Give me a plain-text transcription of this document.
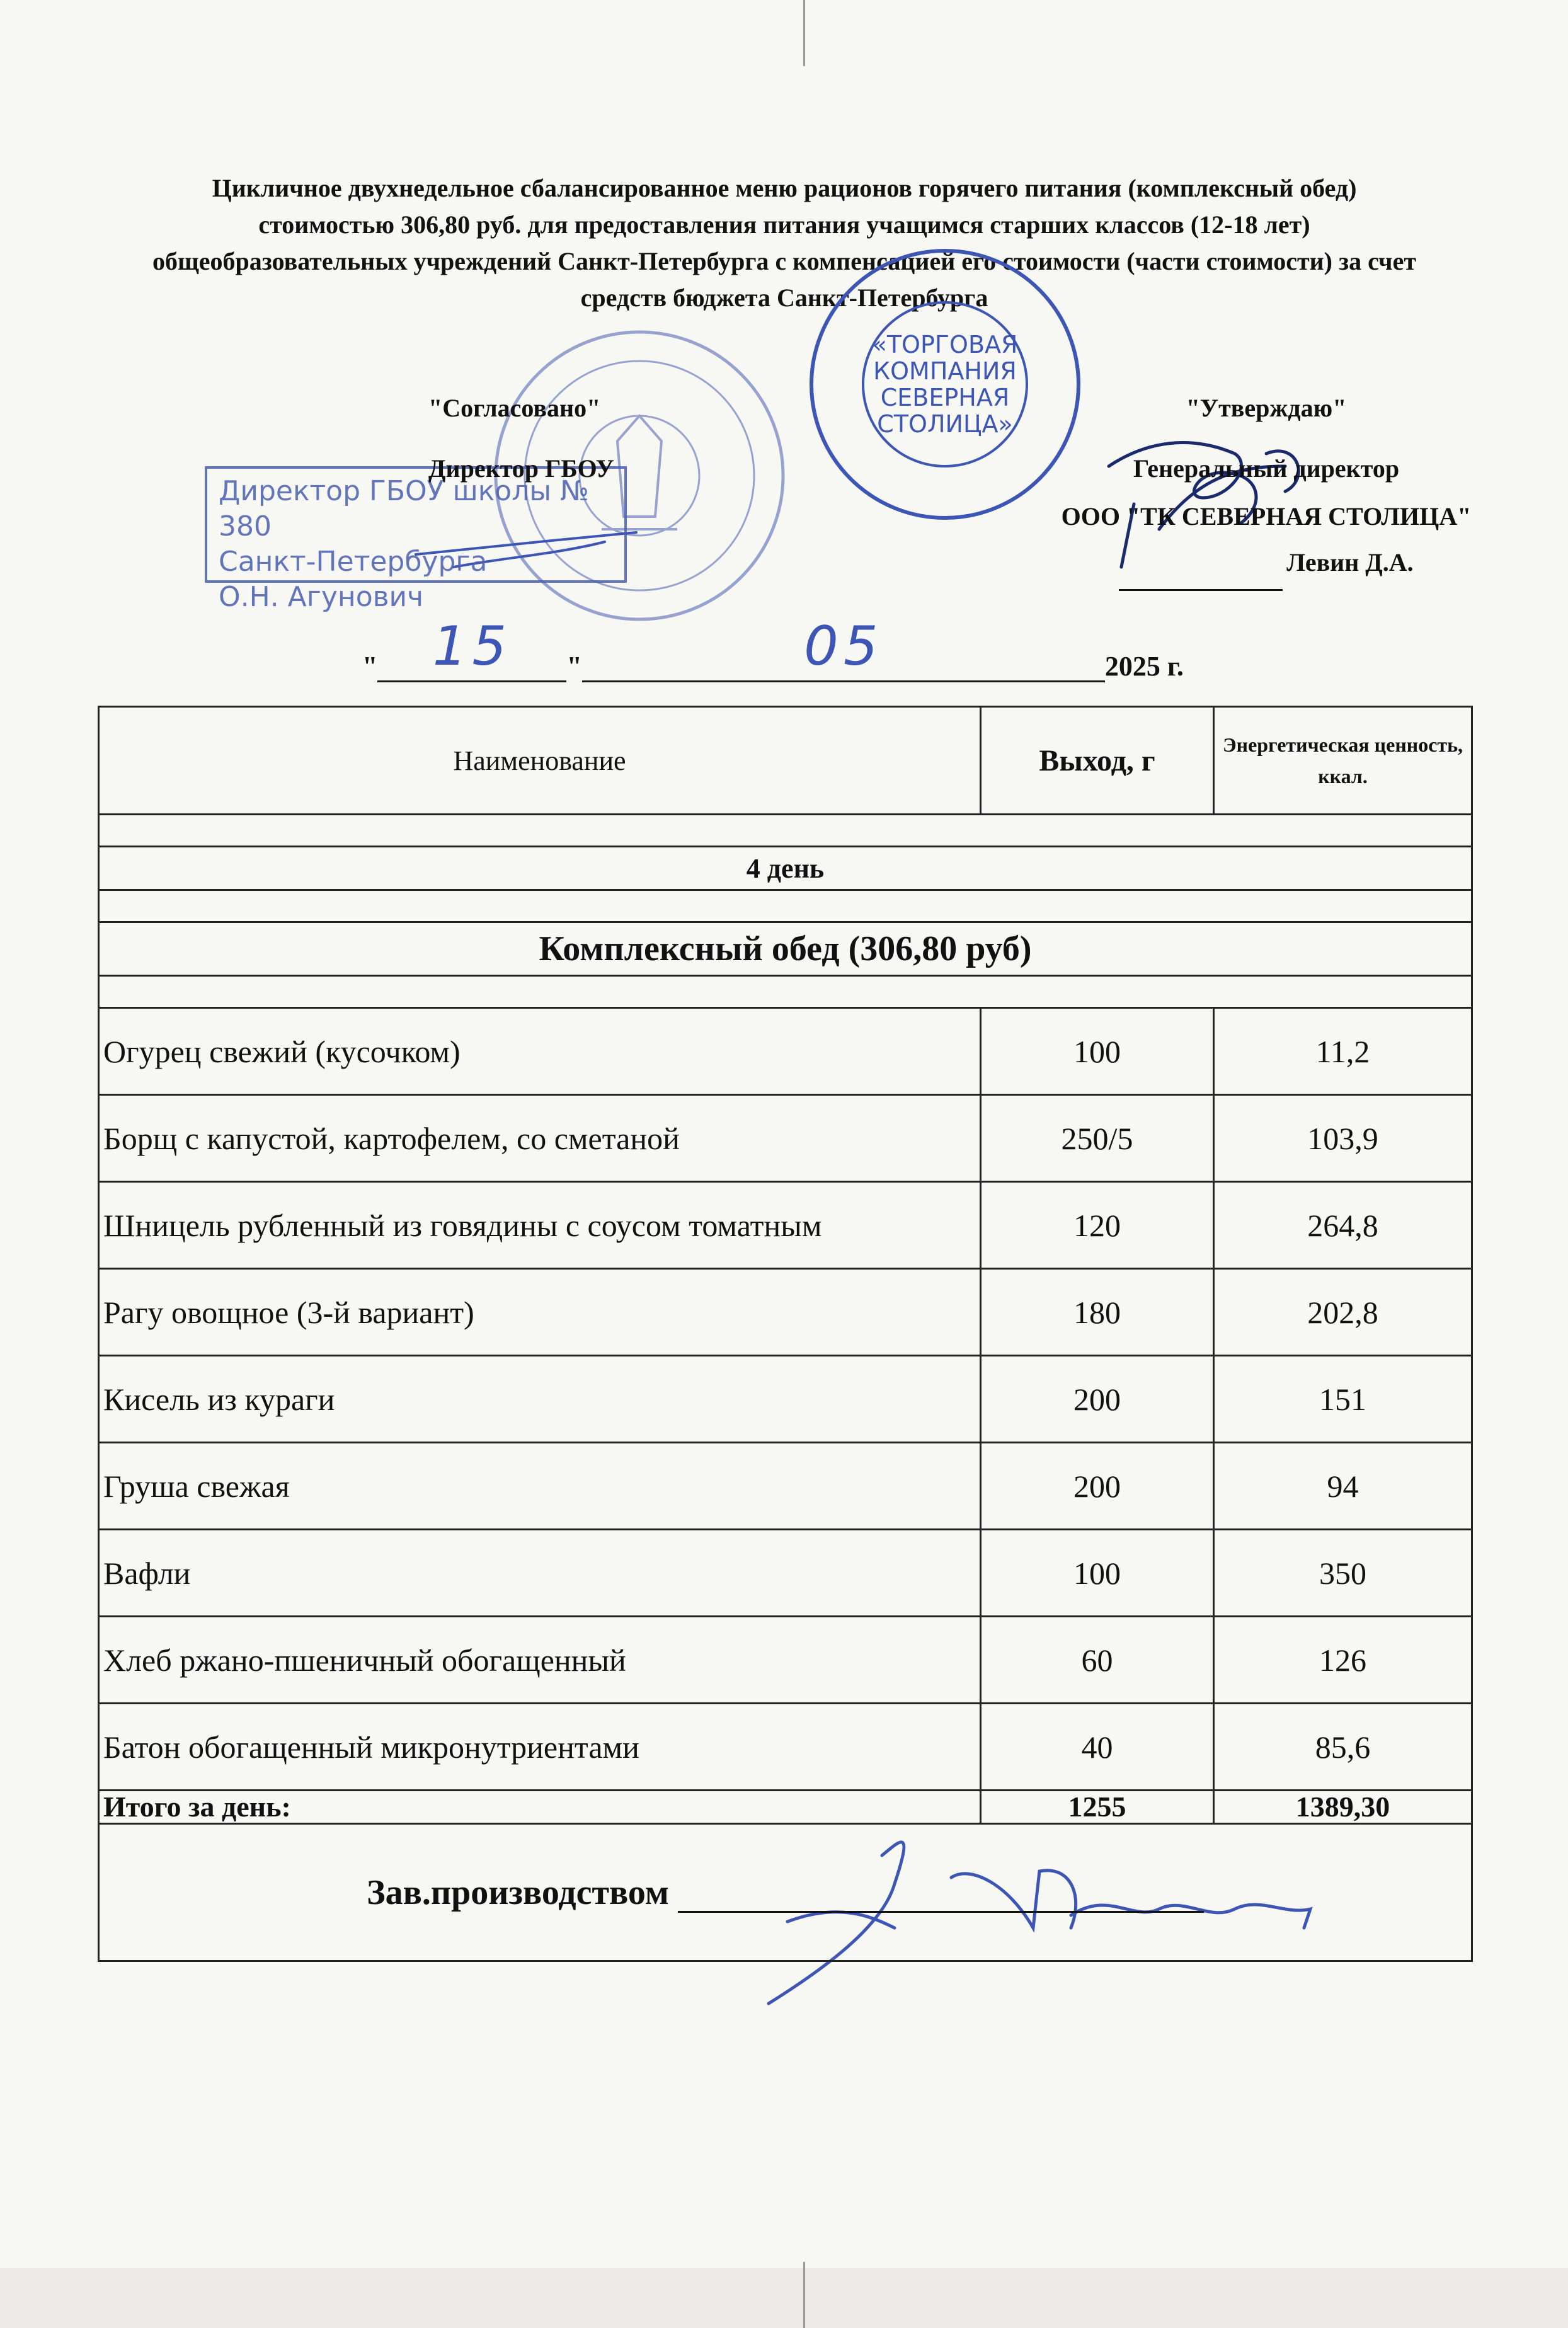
Цикличное двухнедельное сбалансированное меню рационов горячего питания (комплексный обед)
стоимостью 306,80 руб. для предоставления питания учащимся старших классов (12-18 лет)
общеобразовательных учреждений Санкт-Петербурга с компенсацией его стоимости (части стоимости) за счет
средств бюджета Санкт-Петербурга
«ТОРГОВАЯ
КОМПАНИЯ
СЕВЕРНАЯ
СТОЛИЦА»
Директор ГБОУ школы № 380
Санкт-Петербурга
О.Н. Агунович
"Согласовано"
Директор ГБОУ
"Утверждаю"
Генеральный директор
ООО "ТК СЕВЕРНАЯ СТОЛИЦА"
Левин Д.А.
"	15	"	05	2025 г.
Наименование	Выход, г	Энергетическая ценность, ккал.

4 день		

Комплексный обед (306,80 руб)		

Огурец свежий (кусочком)	100	11,2
Борщ с капустой, картофелем, со сметаной	250/5	103,9
Шницель рубленный из говядины с соусом томатным	120	264,8
Рагу овощное (3-й вариант)	180	202,8
Кисель из кураги	200	151
Груша свежая	200	94
Вафли	100	350
Хлеб ржано-пшеничный обогащенный	60	126
Батон обогащенный микронутриентами	40	85,6
Итого за день:	1255	1389,30
Зав.производством		
